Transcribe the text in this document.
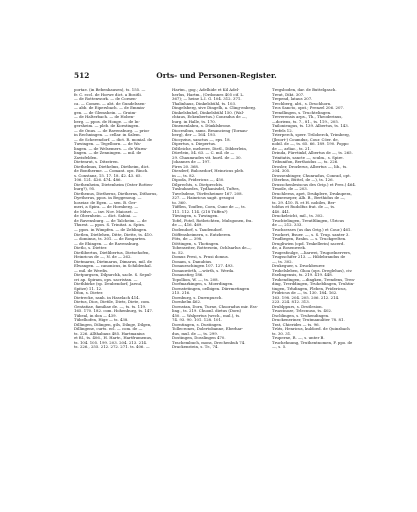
512	Orts- und Personen-Register.

portae. (in Bebenhausen), ts. 155. —

fr. C. eccl. de Horwe dict. a Bositli.

— de Rottenwork. — de Cornen-

ca. — Comen. — abt. de Gundelssen-

— abb. de Eipersbach. — de Emmin-

gen. — de Glemshein. — Gruim-

— de Halterbach. — de Hoben-

berg. — ppos. de Honge. — de In-

gersheim. — pleb. de Korntingen.

— de Onus. — de Ravensburg. — prior

in Rechningen. — cellar. in Salem.

— de Scherendorf. — dict. R. monial. de

Tuwingen. — Tegelborn. — de Wa-

lingen. — de Welsemers. — de Wurm-

lingen. — de Zenningen. — mil. de

Zavisfelden.

Dietenrut, s. Ditzstren.

Diethelmus, Diethelms, Dietheim, dict.

de Bontherme. — Comant. ops. Rinch.

s. Constanz, 15. 17. 18. 42. 43. 65.

106. 121. 426. 474. 486.

Diethenheim, Dietenheim (Oster Rotten-

burg?), 95.

Diethenus, Dietherus, Dietherns, Dithorus,

Dyetherus, ppos. in Beggenoug. —

hoseiar. de Egen. — sen. B. Ger-

meri, a Spira. — de Hornberg. —

de Mdve. — inv. Nov. Maioset. —

de Obernhein. — dict. Sabini. —

de Ravensburg. — de Talcheim. — de

Thurnt. — ppos. S. Trinitat. a. Spira.

— ppos. in Wimpfen. — de Zeblingen.

Dietlen, Dietlehen, Ditte, Diette, ts. 410.

— dominus, ts. 301. — de Rosgarten.

— de Ehingen. — de Ravensburg.

Dietlo, s. Dietter.

Dietlibertus, Dietlibertus, Dietsehofen,

Heinricus de —, N. de — 262.

Dietmarus, Dietmarus, Dimarus, mil. de

Elwangen. — canonicus, in Schildenhal.

— mil. de Werdis.

Dietpurgsen, Dilpurchk, sacle. S. Sepul-

cri ap. Spiram, ops. sacristan. —

Diethbirke (sp. Deubendorf, Jarsul,

Spitze) 11. 12.

Dfon, s. Dieter.

Dietrecke, sanh. in Haselach 414.

Dietus, Dios, Dietile, Diets, Diete, com.

Gentatiae, familiae de. —, ts. ts. 119.

165. 170. 182. com. Hohenburg, ts. 147.

Tübeal, in don — 439.

Tübelhofen, Hige — ts. 438.

Dillingen, Dilingen, gils, Dilnge, Dilgen,

Dillingene, curts. ecl. — com. de —

ts. 226. Allthabaus 485. Hartmanius

et fil., ts. 406., H. Hartr., Hartfrumenus,

ts. 104. 105. 199. 203. 204. 213. 214.

ts. 226., 255. 212. 272. 271. ts. 406. —

Hartm., gog.; Adelhide et Kil Adel-

herlus, Hartm., (Ordonnes 405 cif. L.

367); — heine L.I. G. 104. 312. 371.

Thalinhaus, Dinkelsbühl, ts. 103.

Dingelsberg, sive Dingelh, a. Cling-enberg.

Dinkelsbuhel, Dinkelsbühl 150. (Wal-

chtaus, Eckenbertus.) Conradus de —,

burg. in Halle, ts. 170.

Dinenenlabra, s. Dünklsbrone.

Diocesibus, sams. Besancieng (Tornau-

berg), der — 164. 193.

Diocyzius, sanctus —, eps. 18.

Dipertus, s. Diepertus.

Diltleiche, mehrere, Dietl., Dibberlein,

Dürrlein, 54. 63. — C. mil. de —

29. Chaumrades vit. hurtl. de — 30.

Johannes de — 197.

Fires 20. 368.

Diesderf, Bulosedorf, Heinricus pleb.

in —, ts. 82.

Dipoda, Fridericus —, 450.

Dilprechts, s. Dietprechts.

Tusbuhnedes, Tydhanisdel, Tuftes,

Tuvelsdene, Tüvfesheimer 167. 208.

327. — Hainricus sagit. gesogoi

to. 360.

Tüfflen, Touflen, Coen, Cune de —, ts.

111. 112. 114. (218 Tüffen?)

Tüwingen, s. Tuwingen.

Tofel, Fotel, Rotbrichten, Mulsgonen, fra.

de —, 416. 469.

Dodendorf, s. Taudendorf.

Döffensheimern, s. Eutzberen.

Föts, de — 398.

Döttingen, s. Thotingen.

Tobenseiter, Rottersein, Ochlsarlus de—,

ts. 52.

Domus Presi, s. Prusi domus.

Donam, s. Danubius.

Donaueschingen 107. 127. 493.

Donauwörth, —wörth, s. Werda.

Donaustirg 186.

Topollion, W. —, ts. 208.

Dorfmarkingen, s. Moerdingen.

Dornstetingen, oelbigen. Dürrmetingen

215. 216.

Dornburg, s. Durrnpuech.

Dornhelm 462.

Dornstan, Dorn, Turne, Chuoradus mir. Ess-

ling., ts. 219. Chuonl. dietus (Dorn)

450. — Walpertus (wech., mul.), ts.

74. 93. 90. 101. 128. 101.

Dorntingen, s. Dustingen.

Tollecrones, Dolertobanne, Eberhar-

dus, mul. de —, ts. 299.

Dostingen, Dosslingen 470.

Trachembuch, mons, Drechenbuh 74.

Drackenstein, s. Tr., 74.

Tregsboden, dar. de Buttelgasch.

Treut, Dikt. 307.

Trepend, lataus 207.

Trechberg, abt., s. Druchhorn.

Tros Sancto, opst.; Prenzel 206. 207.

Trendlingen, s. Truchtelingen.

Treverensis arps., Th., Theoderinus,

—doriens, ts. 7., 81., ts. 119., 205.

Tnilonieugus, ts. 139. Albertus, ts. 143.

Trefels 12.

Trierperch, sperr. Triloberck, Trimberg,

(Jbsort-) Coumdus, Cour. Cöer. de,

nobil. de —, ts. 65. 66. 189. 190. Poppo

de —, arliac., ts. 21.

Drinda, Fürvtinkf, Albertus de —, ts. 265.

Trinitatis, sancte —, sculm., s. Spire.

Tribunifon, Berthoidus —, ts. 226.

Drosler, Drozlerus, Albertus —, lib., ts.

204. 305.

Drossenbinger, Chunradus, Conrad, opt.

(Sterbns, Büttel, de —), ts. 126.

Drusschenlesiscus des Orip.) et Pres.) 464.

Trnoile, de — 203.

Druchlerns, apet, Drukplere, Drukupera,

Dtuxerneper, Alb. B., Berthidus de —,

ts. 29. 410. R. et H. nobiles, Ber-

toldus et Rudolfus frat. de —, ts.

440. 441.

Druckeleicht, mil., ts. 302.

Truchtelingen, Treutltlingen, Ulricus

de —, 212. 333.

Truchsesses (us das Orig.) et Cour.) 461.

Truckert, Bsuer. —, s. S. Trup. santer 3.

Trudbegen, Rrabn. — s. Truckgrelten.

Drugliwien (opd. Trnkellerin) sacerd.

de, a Rosenweek.

Trugesfoulge, —liarwei, Trugoelnervers,

Trugsschifer 213. — Hildebrandus de

—, ts. 302.

Drukeguer, s. Druckbeurer.

Truhelsleben, Ghoa (ops. Dreglehus), civ.

Eselingensis, ts. 219. 419. 448.

Truhendingen, —dingken, Trendens, Tren-

ding, Trerddingen, Truheblingen, Truhtin-

tingen, Trhdingen, Fleben, Fridericus,

Fridricus de —, ts. 130. 184. 162.

163. 198. 204. 205. 206. 212. 214.

223. 224. 812. 313.

Drublppurs, s. Drutlesion.

Truzcinoze, Trlecnuso, ts. 402.

Dscblingen, s. Truhendingen.

Druckeneriner, Trutmanuliter 78. 81.

Trat, Chierides — ts. 96.

Trüts, Henricus, kuldoed. de Quinzbach

ts. 30. 31.

Truperne, R. —, s. unter B.

Truchehnung, Truthentnomen, F. ppo. de

—, s. 5.
